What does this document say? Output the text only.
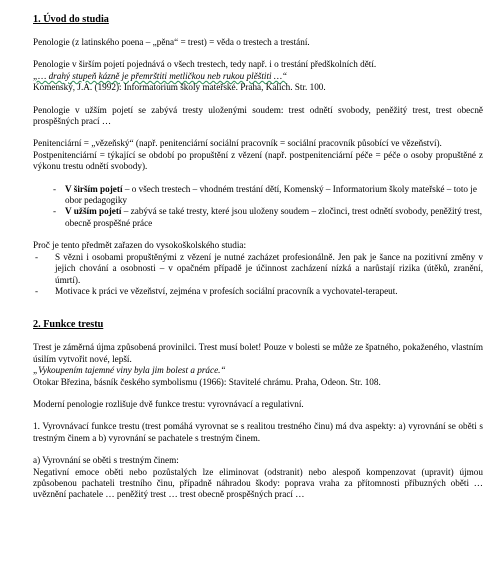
1. Úvod do studia

Penologie (z latinského poena – „pěna“ = trest) = věda o trestech a trestání.

Penologie v širším pojetí pojednává o všech trestech, tedy např. i o trestání předškolních dětí.

„… drahý stupeň kázně je přemrštiti metličkou neb rukou plěštiti …“

Komenský, J.A. (1992): Informatorium školy mateřské. Praha, Kalich. Str. 100.

Penologie v užším pojetí se zabývá tresty uloženými soudem: trest odnětí svobody, peněžitý trest, trest obecně prospěšných prací …

Penitenciární = „vězeňský“ (např. penitenciární sociální pracovník = sociální pracovník působící ve vězeňství).

Postpenitenciární = týkající se období po propuštění z vězení (např. postpenitenciární péče = péče o osoby propuštěné z výkonu trestu odnětí svobody).

- V širším pojetí – o všech trestech – vhodném trestání dětí, Komenský – Informatorium školy mateřské – toto je obor pedagogiky
- V užším pojetí – zabývá se také tresty, které jsou uloženy soudem – zločinci, trest odnětí svobody, peněžitý trest, obecně prospěšné práce

Proč je tento předmět zařazen do vysokoškolského studia:

- S vězni i osobami propuštěnými z vězení je nutné zacházet profesionálně. Jen pak je šance na pozitivní změny v jejich chování a osobnosti – v opačném případě je účinnost zacházení nízká a narůstají rizika (útěků, zranění, úmrtí).
- Motivace k práci ve vězeňství, zejména v profesích sociální pracovník a vychovatel-terapeut.

2. Funkce trestu

Trest je záměrná újma způsobená provinilci. Trest musí bolet! Pouze v bolesti se může ze špatného, pokaženého, vlastním úsilím vytvořit nové, lepší.

„Vykoupením tajemné viny byla jim bolest a práce.“

Otokar Březina, básník českého symbolismu (1966): Stavitelé chrámu. Praha, Odeon. Str. 108.

Moderní penologie rozlišuje dvě funkce trestu: vyrovnávací a regulativní.

1. Vyrovnávací funkce trestu (trest pomáhá vyrovnat se s realitou trestného činu) má dva aspekty: a) vyrovnání se oběti s trestným činem a b) vyrovnání se pachatele s trestným činem.

a) Vyrovnání se oběti s trestným činem:

Negativní emoce oběti nebo pozůstalých lze eliminovat (odstranit) nebo alespoň kompenzovat (upravit) újmou způsobenou pachateli trestního činu, případně náhradou škody: poprava vraha za přítomnosti příbuzných oběti … uvěznění pachatele … peněžitý trest … trest obecně prospěšných prací …
